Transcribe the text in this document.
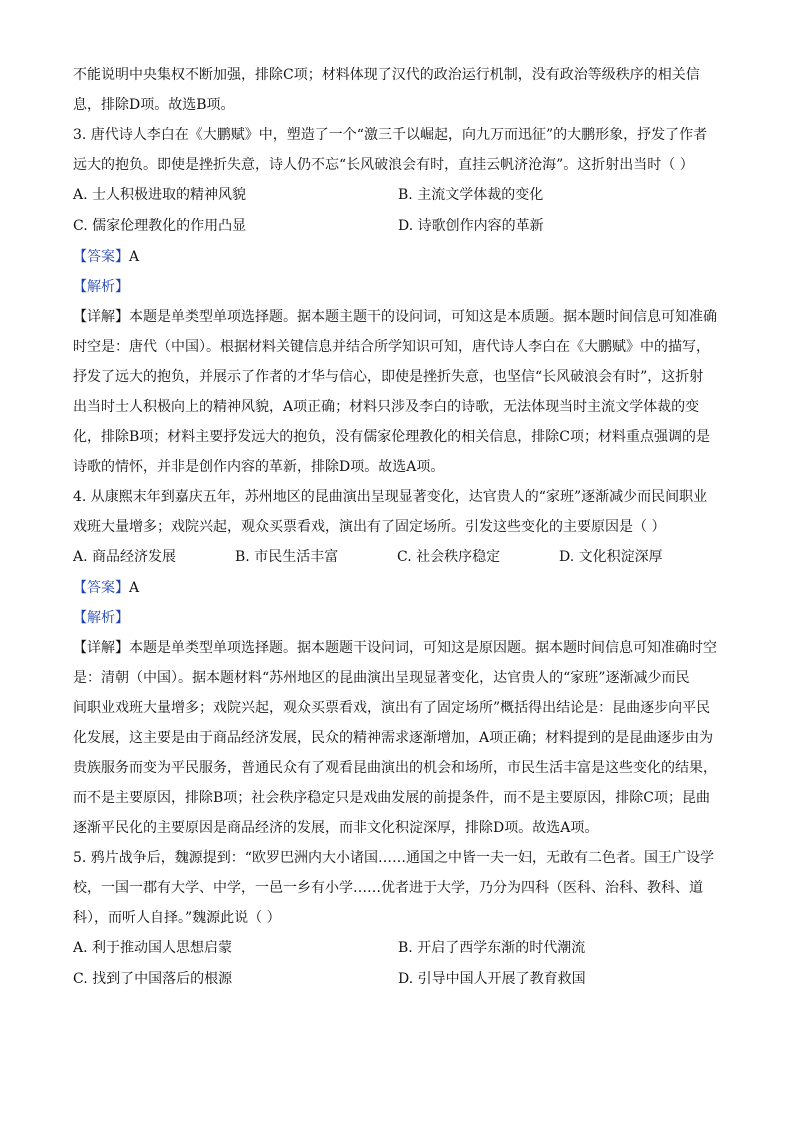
不能说明中央集权不断加强，排除C项；材料体现了汉代的政治运行机制，没有政治等级秩序的相关信

息，排除D项。故选B项。

3. 唐代诗人李白在《大鹏赋》中，塑造了一个“激三千以崛起，向九万而迅征”的大鹏形象，抒发了作者

远大的抱负。即使是挫折失意，诗人仍不忘“长风破浪会有时，直挂云帆济沧海”。这折射出当时（ ）

A. 士人积极进取的精神风貌	B. 主流文学体裁的变化
C. 儒家伦理教化的作用凸显	D. 诗歌创作内容的革新

【答案】A

【解析】

【详解】本题是单类型单项选择题。据本题主题干的设问词，可知这是本质题。据本题时间信息可知准确

时空是：唐代（中国）。根据材料关键信息并结合所学知识可知，唐代诗人李白在《大鹏赋》中的描写，

抒发了远大的抱负，并展示了作者的才华与信心，即使是挫折失意，也坚信“长风破浪会有时”，这折射

出当时士人积极向上的精神风貌，A项正确；材料只涉及李白的诗歌，无法体现当时主流文学体裁的变

化，排除B项；材料主要抒发远大的抱负，没有儒家伦理教化的相关信息，排除C项；材料重点强调的是

诗歌的情怀，并非是创作内容的革新，排除D项。故选A项。

4. 从康熙末年到嘉庆五年，苏州地区的昆曲演出呈现显著变化，达官贵人的“家班”逐渐减少而民间职业

戏班大量增多；戏院兴起，观众买票看戏，演出有了固定场所。引发这些变化的主要原因是（ ）

A. 商品经济发展	B. 市民生活丰富	C. 社会秩序稳定	D. 文化积淀深厚

【答案】A

【解析】

【详解】本题是单类型单项选择题。据本题题干设问词，可知这是原因题。据本题时间信息可知准确时空

是：清朝（中国）。据本题材料“苏州地区的昆曲演出呈现显著变化，达官贵人的“家班”逐渐减少而民

间职业戏班大量增多；戏院兴起，观众买票看戏，演出有了固定场所”概括得出结论是：昆曲逐步向平民

化发展，这主要是由于商品经济发展，民众的精神需求逐渐增加，A项正确；材料提到的是昆曲逐步由为

贵族服务而变为平民服务，普通民众有了观看昆曲演出的机会和场所，市民生活丰富是这些变化的结果，

而不是主要原因，排除B项；社会秩序稳定只是戏曲发展的前提条件，而不是主要原因，排除C项；昆曲

逐渐平民化的主要原因是商品经济的发展，而非文化积淀深厚，排除D项。故选A项。

5. 鸦片战争后，魏源提到：“欧罗巴洲内大小诸国……通国之中皆一夫一妇，无敢有二色者。国王广设学

校，一国一郡有大学、中学，一邑一乡有小学……优者进于大学，乃分为四科（医科、治科、教科、道

科），而听人自择。”魏源此说（ ）

A. 利于推动国人思想启蒙	B. 开启了西学东渐的时代潮流
C. 找到了中国落后的根源	D. 引导中国人开展了教育救国
